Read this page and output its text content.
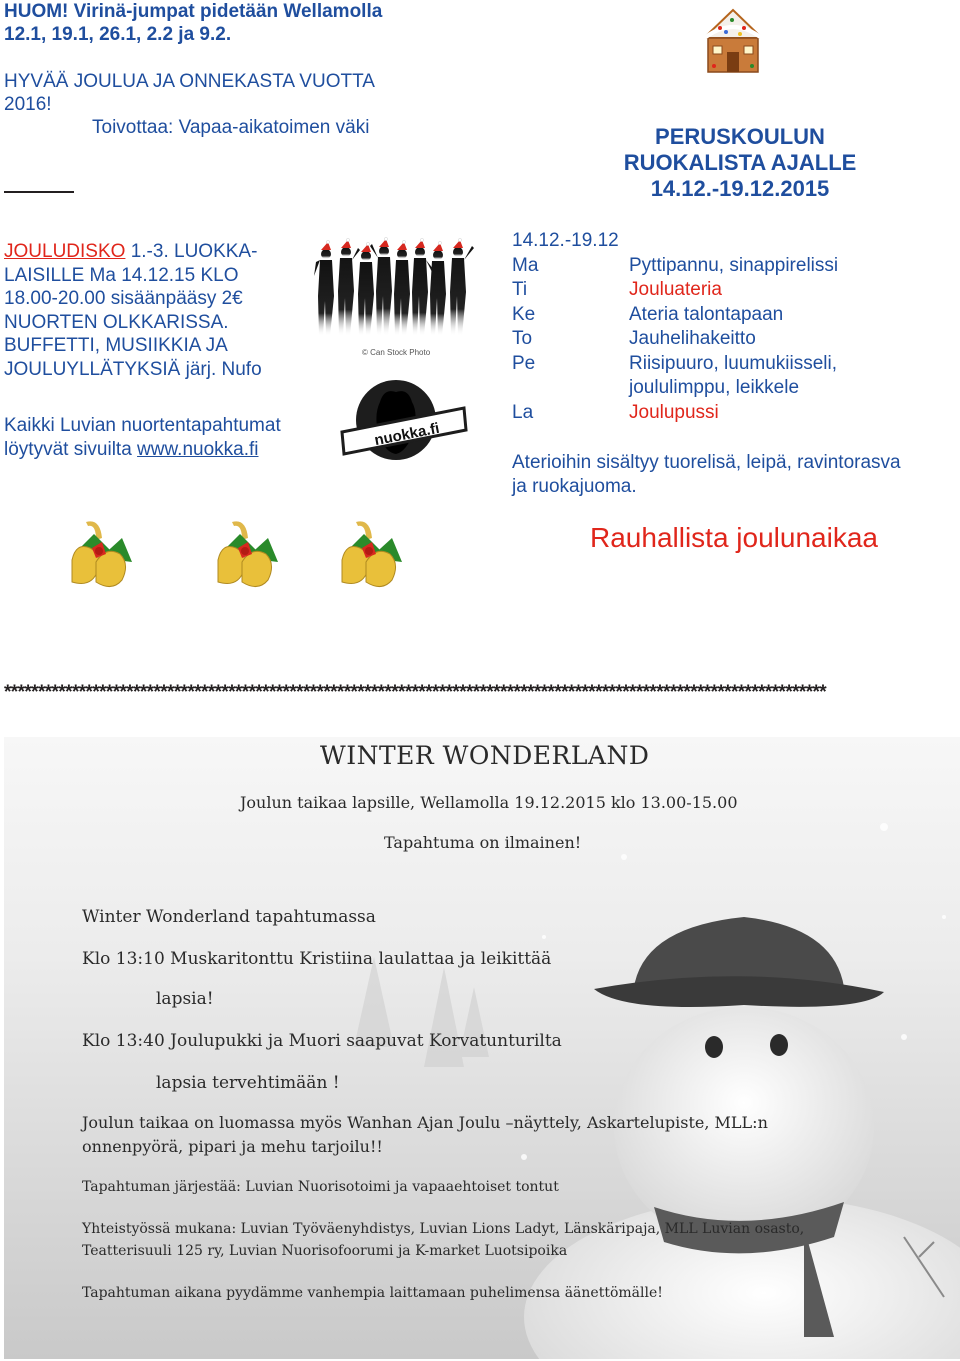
HUOM! Virinä-jumpat pidetään Wellamolla
12.1, 19.1, 26.1, 2.2 ja 9.2.
HYVÄÄ JOULUA JA ONNEKASTA VUOTTA
2016!
Toivottaa: Vapaa-aikatoimen väki
JOULUDISKO 1.-3. LUOKKA-
LAISILLE Ma 14.12.15 KLO
18.00-20.00 sisäänpääsy 2€
NUORTEN OLKKARISSA.
BUFFETTI, MUSIIKKIA JA
JOULUYLLÄTYKSIÄ järj. Nufo
Kaikki Luvian nuortentapahtumat
löytyvät sivuilta www.nuokka.fi
© Can Stock Photo
nuokka.fi
PERUSKOULUN
RUOKALISTA AJALLE
14.12.-19.12.2015
14.12.-19.12
Ma	Pyttipannu, sinappirelissi
Ti	Jouluateria
Ke	Ateria talontapaan
To	Jauhelihakeitto
Pe	Riisipuuro, luumukiisseli,
joululimppu, leikkele
La	Joulupussi
Aterioihin sisältyy tuorelisä, leipä, ravintorasva
ja ruokajuoma.
Rauhallista joulunaikaa
*************************************************************************************************************************
WINTER WONDERLAND
Joulun taikaa lapsille, Wellamolla 19.12.2015 klo 13.00-15.00
Tapahtuma on ilmainen!
Winter Wonderland tapahtumassa
Klo 13:10 Muskaritonttu Kristiina laulattaa ja leikittää
lapsia!
Klo 13:40 Joulupukki ja Muori saapuvat Korvatunturilta
lapsia tervehtimään !
Joulun taikaa on luomassa myös Wanhan Ajan Joulu –näyttely, Askartelupiste, MLL:n
onnenpyörä, pipari ja mehu tarjoilu!!
Tapahtuman järjestää: Luvian Nuorisotoimi ja vapaaehtoiset tontut
Yhteistyössä mukana: Luvian Työväenyhdistys, Luvian Lions Ladyt, Länskäripaja, MLL Luvian osasto,
Teatterisuuli 125 ry, Luvian Nuorisofoorumi ja K-market Luotsipoika
Tapahtuman aikana pyydämme vanhempia laittamaan puhelimensa äänettömälle!
